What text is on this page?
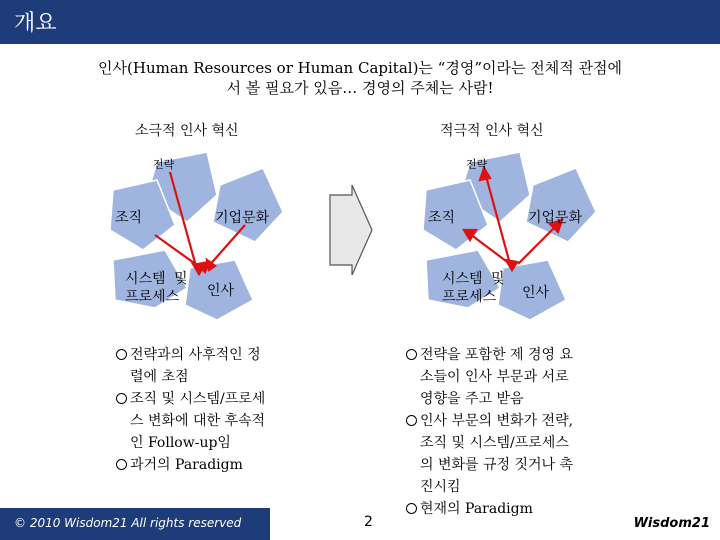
개요
인사(Human Resources or Human Capital)는 “경영”이라는 전체적 관점에
서 볼 필요가 있음… 경영의 주체는 사람!
소극적 인사 혁신	적극적 인사 혁신
전략
조직	기업문화
시스템 및
프로세스 인사
전략
조직	기업문화
시스템 및
프로세스 인사
전략과의 사후적인 정
렬에 초점
조직 및 시스템/프로세
스 변화에 대한 후속적
인 Follow-up임
과거의 Paradigm
전략을 포함한 제 경영 요
소들이 인사 부문과 서로
영향을 주고 받음
인사 부문의 변화가 전략,
조직 및 시스템/프로세스
의 변화를 규정 짓거나 촉
진시킴
현재의 Paradigm
© 2010 Wisdom21 All rights reserved	2	Wisdom21
